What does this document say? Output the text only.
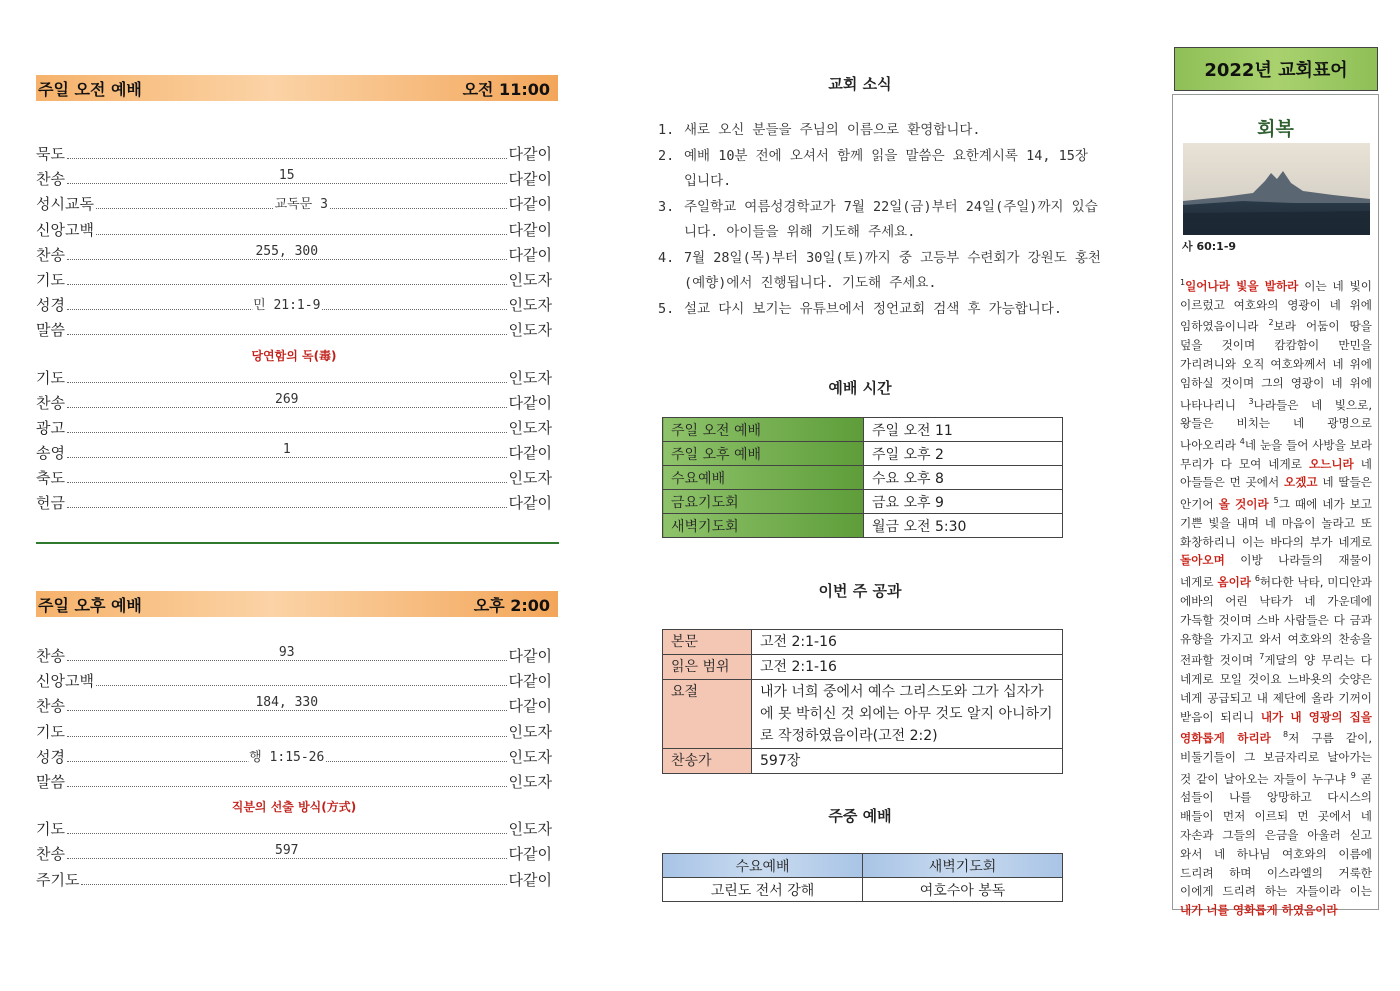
주일 오전 예배	오전 11:00
묵도	다같이
찬송	15	다같이
성시교독	교독문 3	다같이
신앙고백	다같이
찬송	255, 300	다같이
기도	인도자
성경	민 21:1-9	인도자
말씀	인도자
당연함의 독(毒)
기도	인도자
찬송	269	다같이
광고	인도자
송영	1	다같이
축도	인도자
헌금	다같이
주일 오후 예배	오후 2:00
찬송	93	다같이
신앙고백	다같이
찬송	184, 330	다같이
기도	인도자
성경	행 1:15-26	인도자
말씀	인도자
직분의 선출 방식(方式)
기도	인도자
찬송	597	다같이
주기도	다같이
교회 소식
1. 새로 오신 분들을 주님의 이름으로 환영합니다.
2. 예배 10분 전에 오셔서 함께 읽을 말씀은 요한계시록 14, 15장 입니다.
3. 주일학교 여름성경학교가 7월 22일(금)부터 24일(주일)까지 있습니다. 아이들을 위해 기도해 주세요.
4. 7월 28일(목)부터 30일(토)까지 중 고등부 수련회가 강원도 홍천(예향)에서 진행됩니다. 기도해 주세요.
5. 설교 다시 보기는 유튜브에서 정언교회 검색 후 가능합니다.
예배 시간
주일 오전 예배	주일 오전 11
주일 오후 예배	주일 오후 2
수요예배	수요 오후 8
금요기도회	금요 오후 9
새벽기도회	월금 오전 5:30
이번 주 공과
본문	고전 2:1-16
읽은 범위	고전 2:1-16
요절	내가 너희 중에서 예수 그리스도와 그가 십자가에 못 박히신 것 외에는 아무 것도 알지 아니하기로 작정하였음이라(고전 2:2)
찬송가	597장
주중 예배
수요예배	새벽기도회
고린도 전서 강해	여호수아 봉독
2022년 교회표어
회복
사 60:1-9
$^1$일어나라 빛을 발하라 이는 네 빛이 이르렀고 여호와의 영광이 네 위에 임하였음이니라 $^2$보라 어둠이 땅을 덮을 것이며 캄캄함이 만민을 가리려니와 오직 여호와께서 네 위에 임하실 것이며 그의 영광이 네 위에 나타나리니 $^3$나라들은 네 빛으로, 왕들은 비치는 네 광명으로 나아오리라 $^4$네 눈을 들어 사방을 보라 무리가 다 모여 네게로 오느니라 네 아들들은 먼 곳에서 오겠고 네 딸들은 안기어 올 것이라 $^5$그 때에 네가 보고 기쁜 빛을 내며 네 마음이 놀라고 또 화창하리니 이는 바다의 부가 네게로 돌아오며 이방 나라들의 재물이 네게로 옴이라 $^6$허다한 낙타, 미디안과 에바의 어린 낙타가 네 가운데에 가득할 것이며 스바 사람들은 다 금과 유향을 가지고 와서 여호와의 찬송을 전파할 것이며 $^7$게달의 양 무리는 다 네게로 모일 것이요 느바욧의 숫양은 네게 공급되고 내 제단에 올라 기꺼이 받음이 되리니 내가 내 영광의 집을 영화롭게 하리라 $^8$저 구름 같이, 비둘기들이 그 보금자리로 날아가는 것 같이 날아오는 자들이 누구냐 $^9$ 곧 섬들이 나를 앙망하고 다시스의 배들이 먼저 이르되 먼 곳에서 네 자손과 그들의 은금을 아울러 싣고 와서 네 하나님 여호와의 이름에 드리려 하며 이스라엘의 거룩한 이에게 드리려 하는 자들이라 이는 내가 너를 영화롭게 하였음이라
